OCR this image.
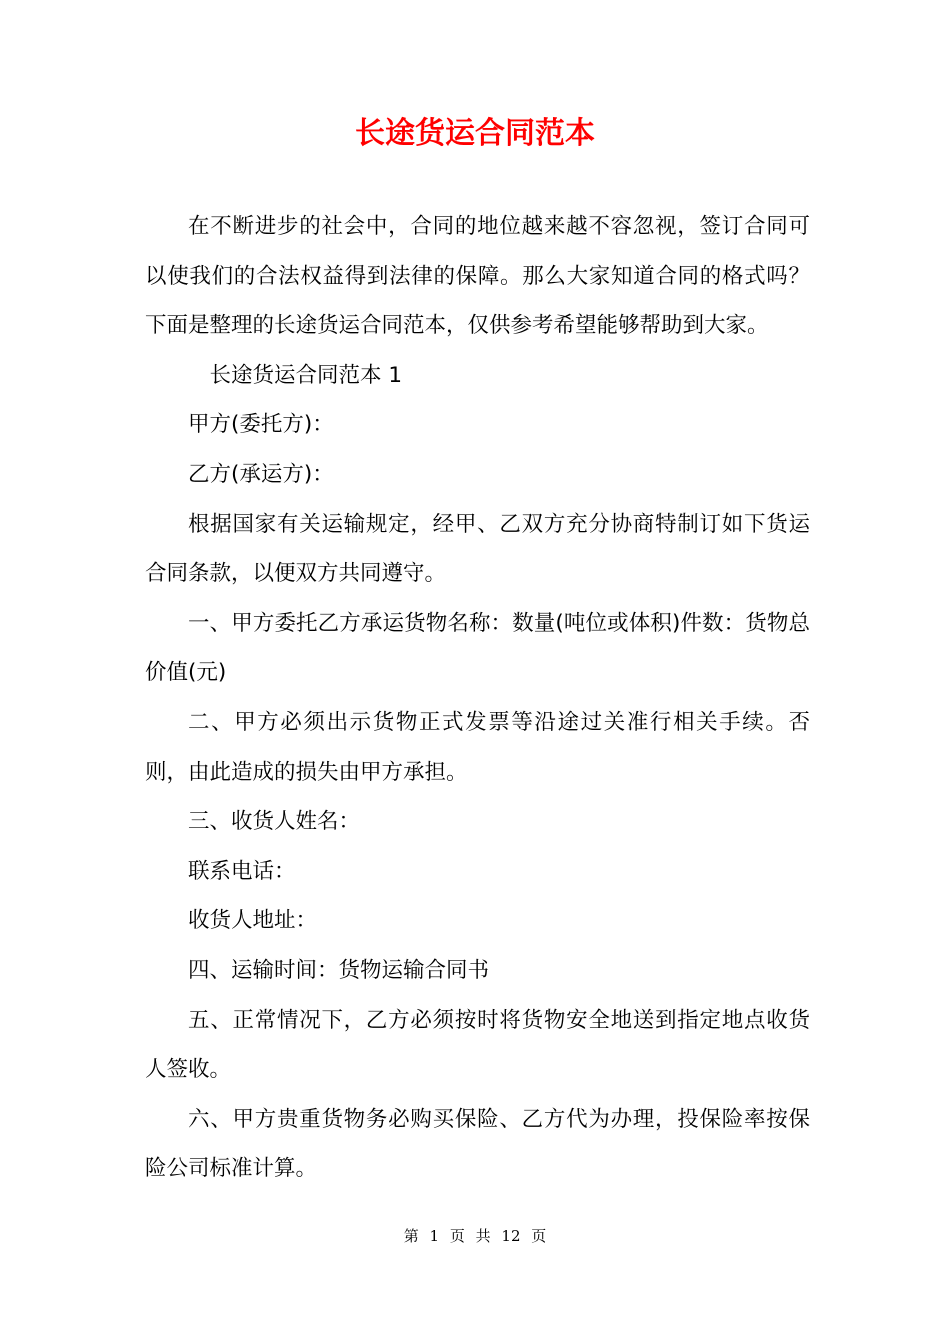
长途货运合同范本

在不断进步的社会中，合同的地位越来越不容忽视，签订合同可以使我们的合法权益得到法律的保障。那么大家知道合同的格式吗？下面是整理的长途货运合同范本，仅供参考希望能够帮助到大家。

长途货运合同范本 1

甲方(委托方)：

乙方(承运方)：

根据国家有关运输规定，经甲、乙双方充分协商特制订如下货运合同条款，以便双方共同遵守。

一、甲方委托乙方承运货物名称：数量(吨位或体积)件数：货物总价值(元)

二、甲方必须出示货物正式发票等沿途过关准行相关手续。否则，由此造成的损失由甲方承担。

三、收货人姓名：

联系电话：

收货人地址：

四、运输时间：货物运输合同书

五、正常情况下，乙方必须按时将货物安全地送到指定地点收货人签收。

六、甲方贵重货物务必购买保险、乙方代为办理，投保险率按保险公司标准计算。

第 1 页 共 12 页
